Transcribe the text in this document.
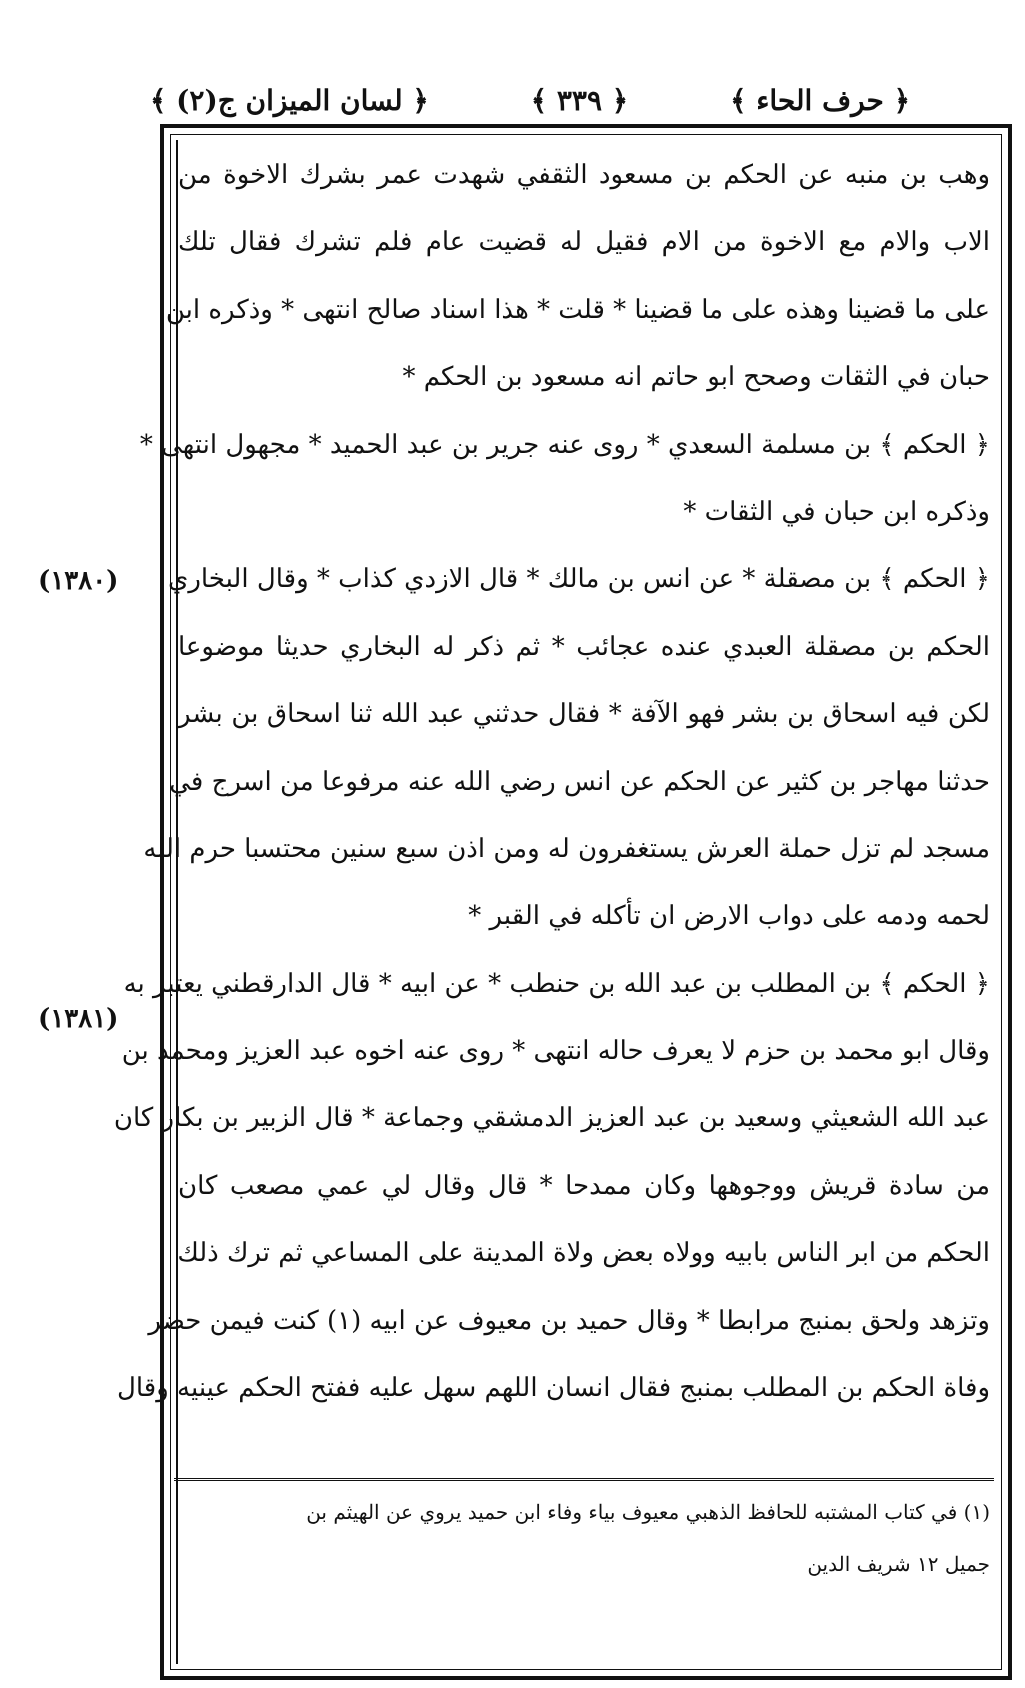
﴿ حرف الحاء ﴾
﴿ ٣٣٩ ﴾
﴿ لسان الميزان ج(٢) ﴾
وهب بن منبه عن الحكم بن مسعود الثقفي شهدت عمر بشرك الاخوة من
الاب والام مع الاخوة من الام فقيل له قضيت عام فلم تشرك فقال تلك
على ما قضينا وهذه على ما قضينا * قلت * هذا اسناد صالح انتهى * وذكره ابن
حبان في الثقات وصحح ابو حاتم انه مسعود بن الحكم *
﴿ الحكم ﴾ بن مسلمة السعدي * روى عنه جرير بن عبد الحميد * مجهول انتهى *
وذكره ابن حبان في الثقات *
﴿ الحكم ﴾ بن مصقلة * عن انس بن مالك * قال الازدي كذاب * وقال البخاري
الحكم بن مصقلة العبدي عنده عجائب * ثم ذكر له البخاري حديثا موضوعا
لكن فيه اسحاق بن بشر فهو الآفة * فقال حدثني عبد الله ثنا اسحاق بن بشر
حدثنا مهاجر بن كثير عن الحكم عن انس رضي الله عنه مرفوعا من اسرج في
مسجد لم تزل حملة العرش يستغفرون له ومن اذن سبع سنين محتسبا حرم الله
لحمه ودمه على دواب الارض ان تأكله في القبر *
﴿ الحكم ﴾ بن المطلب بن عبد الله بن حنطب * عن ابيه * قال الدارقطني يعتبر به
وقال ابو محمد بن حزم لا يعرف حاله انتهى * روى عنه اخوه عبد العزيز ومحمد بن
عبد الله الشعيثي وسعيد بن عبد العزيز الدمشقي وجماعة * قال الزبير بن بكار كان
من سادة قريش ووجوهها وكان ممدحا * قال وقال لي عمي مصعب كان
الحكم من ابر الناس بابيه وولاه بعض ولاة المدينة على المساعي ثم ترك ذلك
وتزهد ولحق بمنبج مرابطا * وقال حميد بن معيوف عن ابيه (١) كنت فيمن حضر
وفاة الحكم بن المطلب بمنبج فقال انسان اللهم سهل عليه ففتح الحكم عينيه وقال
(١٣٨٠)
(١٣٨١)
(١) في كتاب المشتبه للحافظ الذهبي معيوف بياء وفاء ابن حميد يروي عن الهيثم بن
جميل ١٢ شريف الدين
